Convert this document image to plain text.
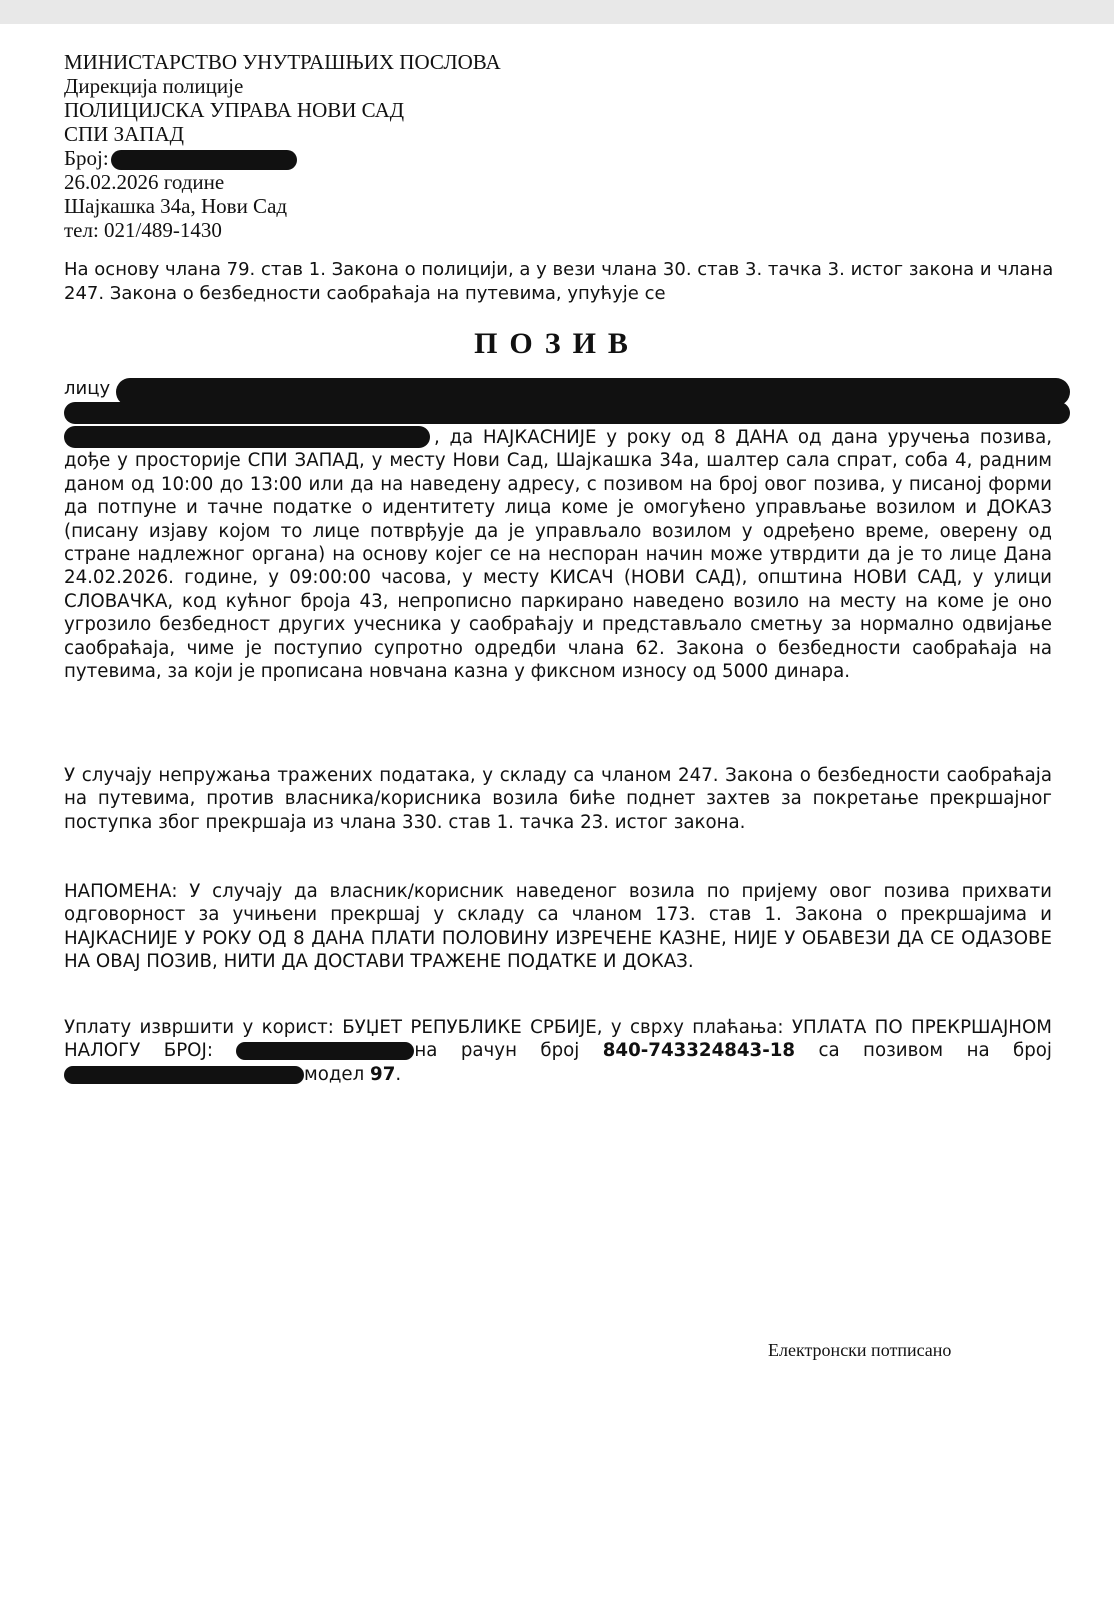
МИНИСТАРСТВО УНУТРАШЊИХ ПОСЛОВА
Дирекција полиције
ПОЛИЦИЈСКА УПРАВА НОВИ САД
СПИ ЗАПАД
Број:
26.02.2026 године
Шајкашка 34а, Нови Сад
тел: 021/489-1430
На основу члана 79. став 1. Закона о полицији, а у вези члана 30. став 3. тачка 3. истог закона и члана 247. Закона о безбедности саобраћаја на путевима, упућује се
ПОЗИВ
лицу
, да НАЈКАСНИЈЕ у року од 8 ДАНА од дана уручења позива, дође у просторије СПИ ЗАПАД, у месту Нови Сад, Шајкашка 34а, шалтер сала спрат, соба 4, радним даном од 10:00 до 13:00 или да на наведену адресу, с позивом на број овог позива, у писаној форми да потпуне и тачне податке о идентитету лица коме је омогућено управљање возилом и ДОКАЗ (писану изјаву којом то лице потврђује да је управљало возилом у одређено време, оверену од стране надлежног органа) на основу којег се на неспоран начин може утврдити да је то лице Дана 24.02.2026. године, у 09:00:00 часова, у месту КИСАЧ (НОВИ САД), општина НОВИ САД, у улици СЛОВАЧКА, код кућног броја 43, непрописно паркирано наведено возило на месту на коме је оно угрозило безбедност других учесника у саобраћају и представљало сметњу за нормално одвијање саобраћаја, чиме је поступио супротно одредби члана 62. Закона о безбедности саобраћаја на путевима, за који је прописана новчана казна у фиксном износу од 5000 динара.
У случају непружања тражених података, у складу са чланом 247. Закона о безбедности саобраћаја на путевима, против власника/корисника возила биће поднет захтев за покретање прекршајног поступка због прекршаја из члана 330. став 1. тачка 23. истог закона.
НАПОМЕНА: У случају да власник/корисник наведеног возила по пријему овог позива прихвати одговорност за учињени прекршај у складу са чланом 173. став 1. Закона о прекршајима и НАЈКАСНИЈЕ У РОКУ ОД 8 ДАНА ПЛАТИ ПОЛОВИНУ ИЗРЕЧЕНЕ КАЗНЕ, НИЈЕ У ОБАВЕЗИ ДА СЕ ОДАЗОВЕ НА ОВАЈ ПОЗИВ, НИТИ ДА ДОСТАВИ ТРАЖЕНЕ ПОДАТКЕ И ДОКАЗ.
Уплату извршити у корист: БУЏЕТ РЕПУБЛИКЕ СРБИЈЕ, у сврху плаћања: УПЛАТА ПО ПРЕКРШАЈНОМ НАЛОГУ БРОЈ:	на рачун број 840-743324843-18 са позивом на број модел 97.
Електронски потписано
